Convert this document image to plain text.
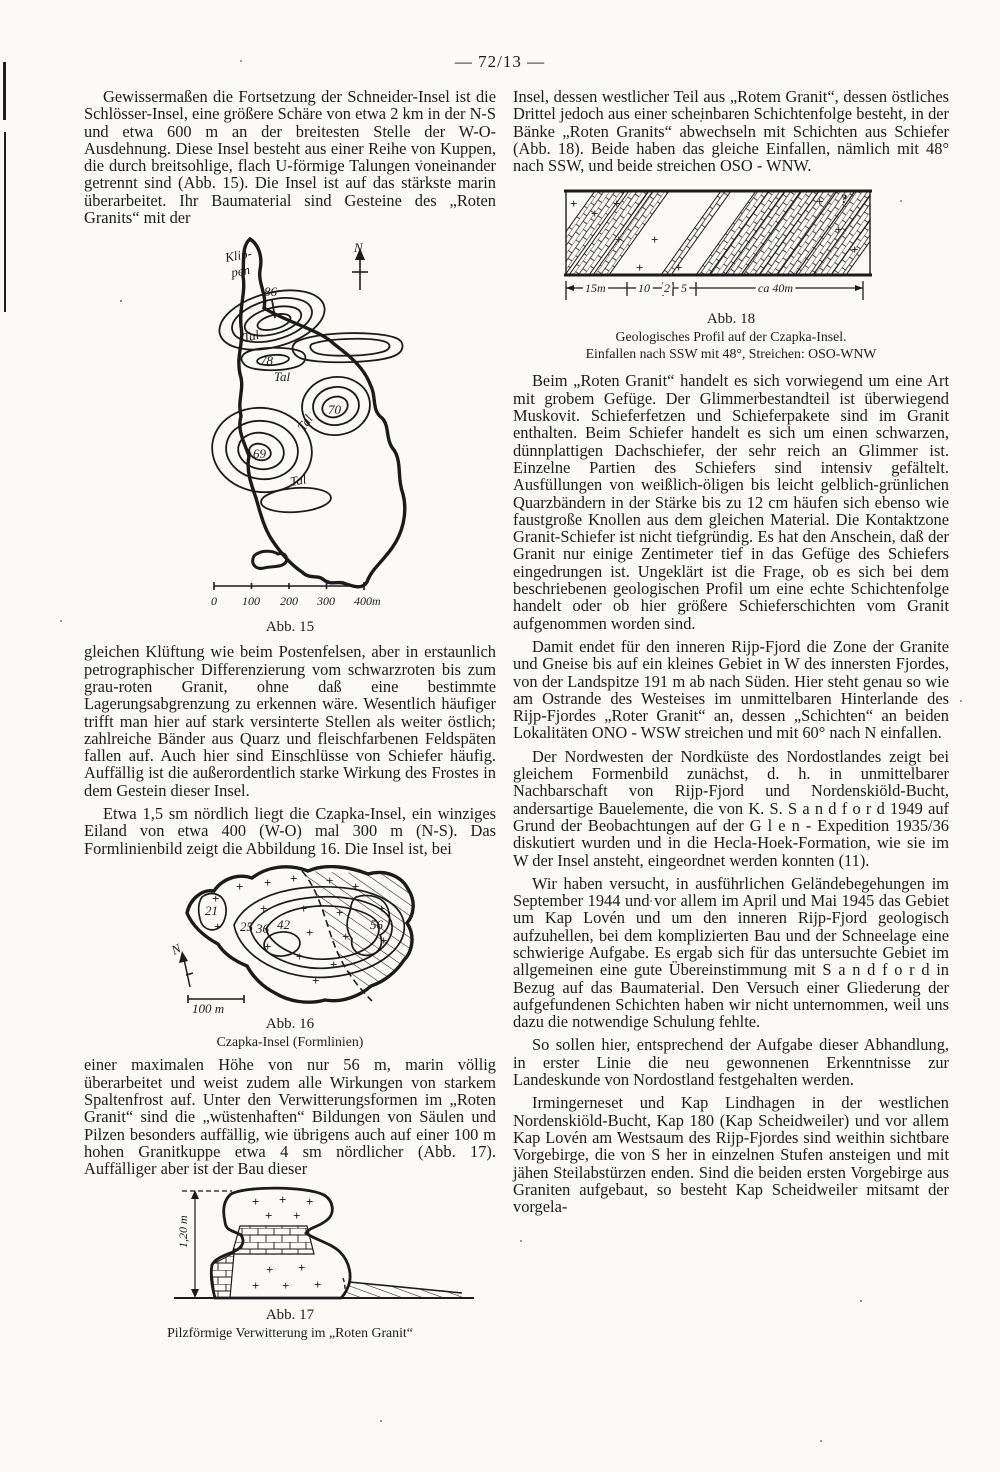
— 72/13 —

Gewissermaßen die Fortsetzung der Schneider-Insel ist die Schlösser-Insel, eine größere Schäre von etwa 2 km in der N-S und etwa 600 m an der breitesten Stelle der W-O-Ausdehnung. Diese Insel besteht aus einer Reihe von Kuppen, die durch breitsohlige, flach U-förmige Talungen voneinander getrennt sind (Abb. 15). Die Insel ist auf das stärkste marin überarbeitet. Ihr Baumaterial sind Gesteine des „Roten Granits“ mit der

Klip-
pen
86
Tal
78
Tal
70
Tal
69
Tal
N
0 100 200 300 400m
Abb. 15

gleichen Klüftung wie beim Postenfelsen, aber in erstaunlich petrographischer Differenzierung vom schwarzroten bis zum grau-roten Granit, ohne daß eine bestimmte Lagerungsabgrenzung zu erkennen wäre. Wesentlich häufiger trifft man hier auf stark versinterte Stellen als weiter östlich; zahlreiche Bänder aus Quarz und fleischfarbenen Feldspäten fallen auf. Auch hier sind Einschlüsse von Schiefer häufig. Auffällig ist die außerordentlich starke Wirkung des Frostes in dem Gestein dieser Insel.

Etwa 1,5 sm nördlich liegt die Czapka-Insel, ein winziges Eiland von etwa 400 (W-O) mal 300 m (N-S). Das Formlinienbild zeigt die Abbildung 16. Die Insel ist, bei

+ + + + +
+	+ +	+
+ + +
+
+
+
+
+
+
21
25 36 42	56
N
100 m
Abb. 16
Czapka-Insel (Formlinien)

einer maximalen Höhe von nur 56 m, marin völlig überarbeitet und weist zudem alle Wirkungen von starkem Spaltenfrost auf. Unter den Verwitterungsformen im „Roten Granit“ sind die „wüstenhaften“ Bildungen von Säulen und Pilzen besonders auffällig, wie übrigens auch auf einer 100 m hohen Granitkuppe etwa 4 sm nördlicher (Abb. 17). Auffälliger aber ist der Bau dieser

+ + +
+ +
+ +
+ + +
1,20 m
Abb. 17
Pilzförmige Verwitterung im „Roten Granit“

Insel, dessen westlicher Teil aus „Rotem Granit“, dessen östliches Drittel jedoch aus einer scheinbaren Schichtenfolge besteht, in der Bänke „Roten Granits“ abwechseln mit Schichten aus Schiefer (Abb. 18). Beide haben das gleiche Einfallen, nämlich mit 48° nach SSW, und beide streichen OSO - WNW.

+
+
+
+
+
+
+
+
+
+
?
15m	10 2 5	ca 40m
Abb. 18
Geologisches Profil auf der Czapka-Insel.
Einfallen nach SSW mit 48°, Streichen: OSO-WNW

Beim „Roten Granit“ handelt es sich vorwiegend um eine Art mit grobem Gefüge. Der Glimmerbestandteil ist überwiegend Muskovit. Schieferfetzen und Schieferpakete sind im Granit enthalten. Beim Schiefer handelt es sich um einen schwarzen, dünnplattigen Dachschiefer, der sehr reich an Glimmer ist. Einzelne Partien des Schiefers sind intensiv gefältelt. Ausfüllungen von weißlich-öligen bis leicht gelblich-grünlichen Quarzbändern in der Stärke bis zu 12 cm häufen sich ebenso wie faustgroße Knollen aus dem gleichen Material. Die Kontaktzone Granit-Schiefer ist nicht tiefgründig. Es hat den Anschein, daß der Granit nur einige Zentimeter tief in das Gefüge des Schiefers eingedrungen ist. Ungeklärt ist die Frage, ob es sich bei dem beschriebenen geologischen Profil um eine echte Schichtenfolge handelt oder ob hier größere Schieferschichten vom Granit aufgenommen worden sind.

Damit endet für den inneren Rijp-Fjord die Zone der Granite und Gneise bis auf ein kleines Gebiet in W des innersten Fjordes, von der Landspitze 191 m ab nach Süden. Hier steht genau so wie am Ostrande des Westeises im unmittelbaren Hinterlande des Rijp-Fjordes „Roter Granit“ an, dessen „Schichten“ an beiden Lokalitäten ONO - WSW streichen und mit 60° nach N einfallen.

Der Nordwesten der Nordküste des Nordostlandes zeigt bei gleichem Formenbild zunächst, d. h. in unmittelbarer Nachbarschaft von Rijp-Fjord und Nordenskiöld-Bucht, andersartige Bauelemente, die von K. S. S a n d f o r d 1949 auf Grund der Beobachtungen auf der G l e n - Expedition 1935/36 diskutiert wurden und in die Hecla-Hoek-Formation, wie sie im W der Insel ansteht, eingeordnet werden konnten (11).

Wir haben versucht, in ausführlichen Geländebegehungen im September 1944 und vor allem im April und Mai 1945 das Gebiet um Kap Lovén und um den inneren Rijp-Fjord geologisch aufzuhellen, bei dem komplizierten Bau und der Schneelage eine schwierige Aufgabe. Es ergab sich für das untersuchte Gebiet im allgemeinen eine gute Übereinstimmung mit S a n d f o r d in Bezug auf das Baumaterial. Den Versuch einer Gliederung der aufgefundenen Schichten haben wir nicht unternommen, weil uns dazu die notwendige Schulung fehlte.

So sollen hier, entsprechend der Aufgabe dieser Abhandlung, in erster Linie die neu gewonnenen Erkenntnisse zur Landeskunde von Nordostland festgehalten werden.

Irmingerneset und Kap Lindhagen in der westlichen Nordenskiöld-Bucht, Kap 180 (Kap Scheidweiler) und vor allem Kap Lovén am Westsaum des Rijp-Fjordes sind weithin sichtbare Vorgebirge, die von S her in einzelnen Stufen ansteigen und mit jähen Steilabstürzen enden. Sind die beiden ersten Vorgebirge aus Graniten aufgebaut, so besteht Kap Scheidweiler mitsamt der vorgela-
